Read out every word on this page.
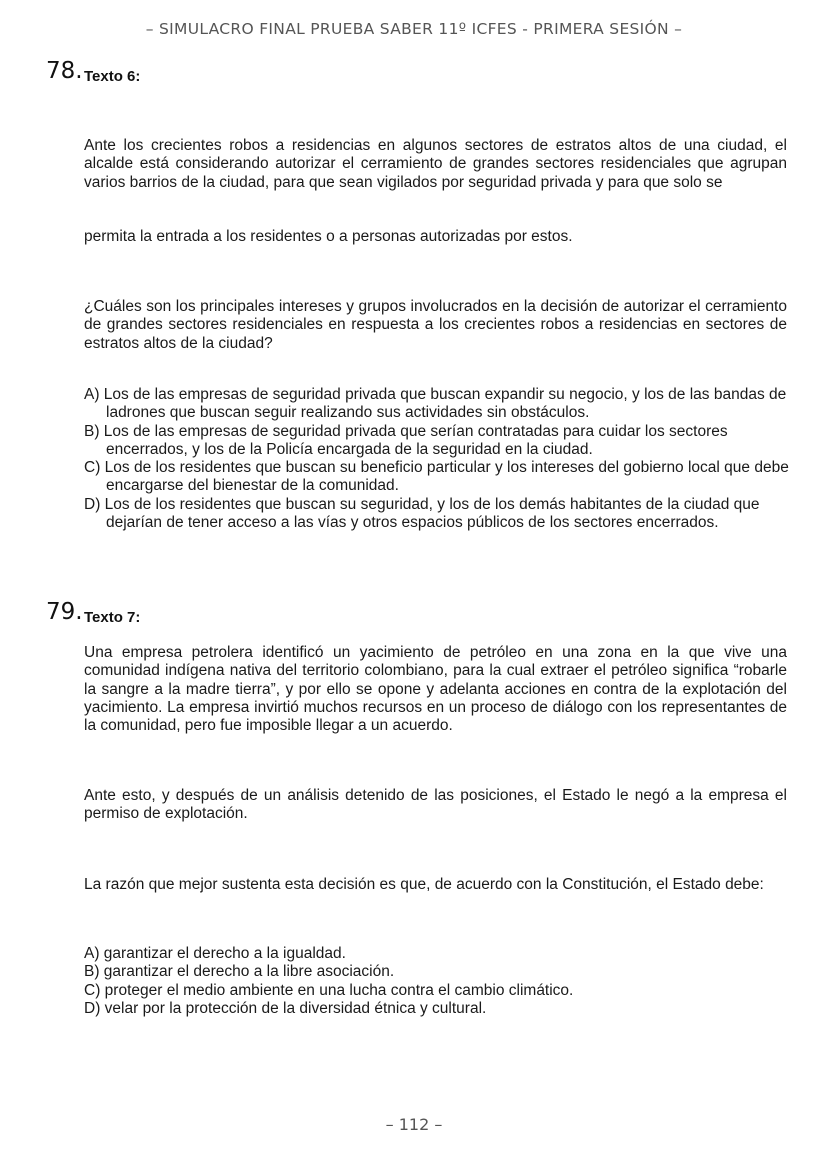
– SIMULACRO FINAL PRUEBA SABER 11º ICFES - PRIMERA SESIÓN –
78. Texto 6:

Ante los crecientes robos a residencias en algunos sectores de estratos altos de una ciudad, el alcalde está considerando autorizar el cerramiento de grandes sectores residenciales que agrupan varios barrios de la ciudad, para que sean vigilados por seguridad privada y para que solo se

permita la entrada a los residentes o a personas autorizadas por estos.

¿Cuáles son los principales intereses y grupos involucrados en la decisión de autorizar el cerramiento de grandes sectores residenciales en respuesta a los crecientes robos a residencias en sectores de estratos altos de la ciudad?

A) Los de las empresas de seguridad privada que buscan expandir su negocio, y los de las bandas de ladrones que buscan seguir realizando sus actividades sin obstáculos.
B) Los de las empresas de seguridad privada que serían contratadas para cuidar los sectores encerrados, y los de la Policía encargada de la seguridad en la ciudad.
C) Los de los residentes que buscan su beneficio particular y los intereses del gobierno local que debe encargarse del bienestar de la comunidad.
D) Los de los residentes que buscan su seguridad, y los de los demás habitantes de la ciudad que dejarían de tener acceso a las vías y otros espacios públicos de los sectores encerrados.
79. Texto 7:

Una empresa petrolera identificó un yacimiento de petróleo en una zona en la que vive una comunidad indígena nativa del territorio colombiano, para la cual extraer el petróleo significa “robarle la sangre a la madre tierra”, y por ello se opone y adelanta acciones en contra de la explotación del yacimiento. La empresa invirtió muchos recursos en un proceso de diálogo con los representantes de la comunidad, pero fue imposible llegar a un acuerdo.

Ante esto, y después de un análisis detenido de las posiciones, el Estado le negó a la empresa el permiso de explotación.

La razón que mejor sustenta esta decisión es que, de acuerdo con la Constitución, el Estado debe:

A) garantizar el derecho a la igualdad.
B) garantizar el derecho a la libre asociación.
C) proteger el medio ambiente en una lucha contra el cambio climático.
D) velar por la protección de la diversidad étnica y cultural.
– 112 –
